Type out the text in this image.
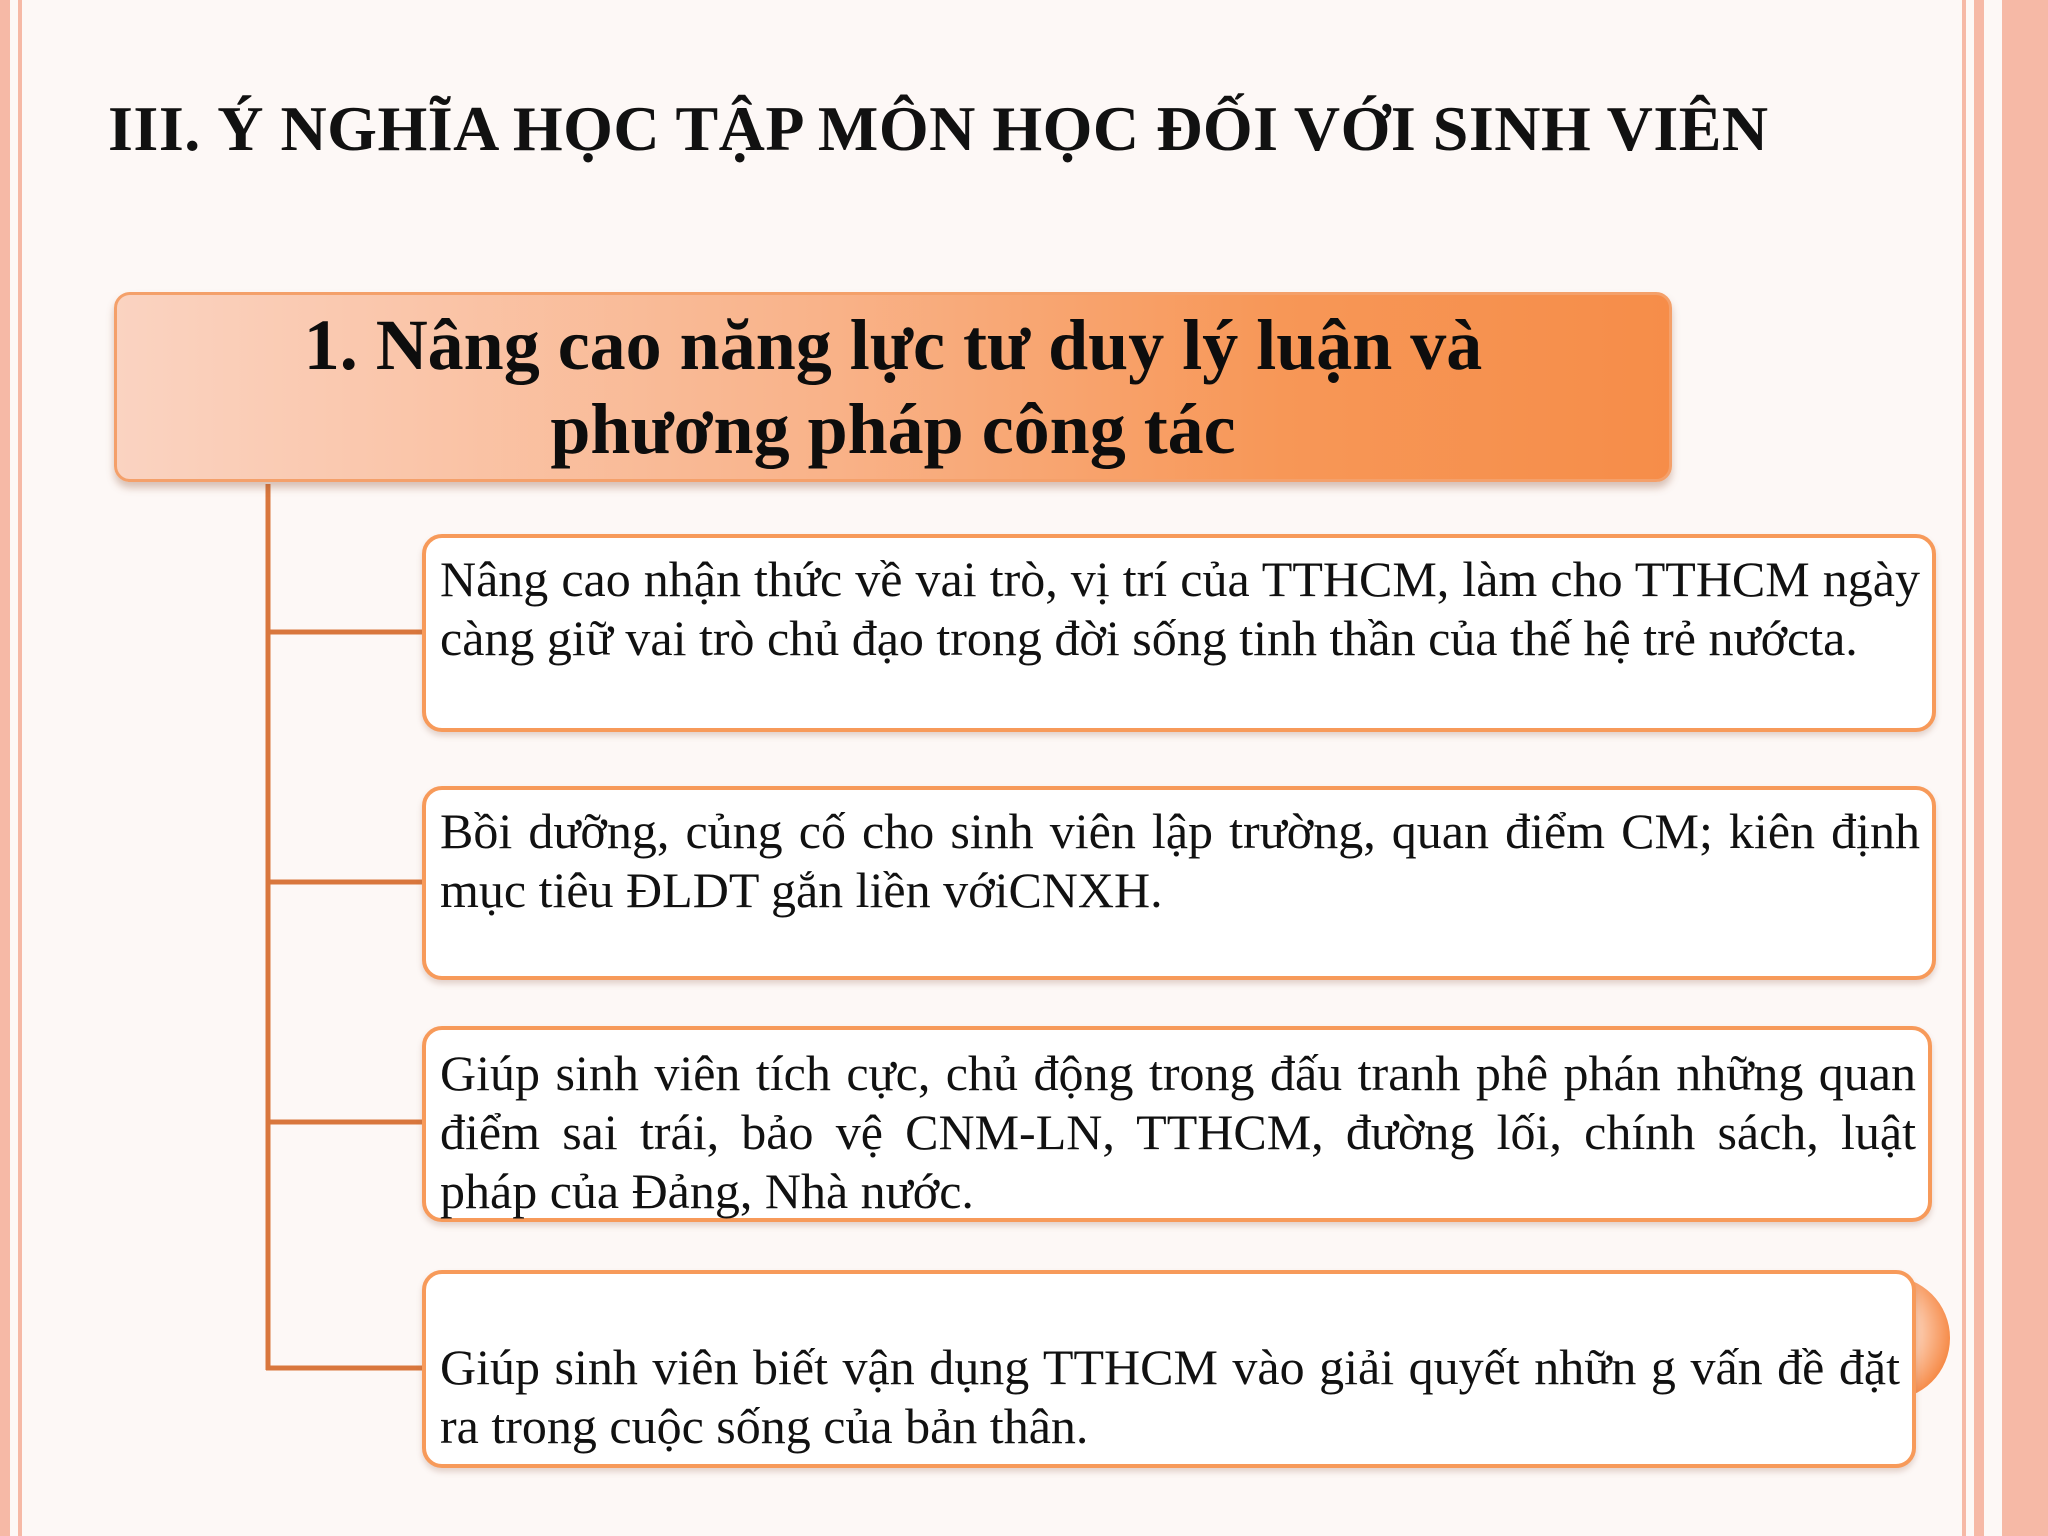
III. Ý NGHĨA HỌC TẬP MÔN HỌC ĐỐI VỚI SINH VIÊN
1. Nâng cao năng lực tư duy lý luận và phương pháp công tác

Nâng cao nhận thức về vai trò, vị trí của TTHCM, làm cho TTHCM ngày càng giữ vai trò chủ đạo trong đời sống tinh thần của thế hệ trẻ nướcta.

Bồi dưỡng, củng cố cho sinh viên lập trường, quan điểm CM; kiên định mục tiêu ĐLDT gắn liền vớiCNXH.

Giúp sinh viên tích cực, chủ động trong đấu tranh phê phán những quan điểm sai trái, bảo vệ CNM-LN, TTHCM, đường lối, chính sách, luật pháp của Đảng, Nhà nước.

Giúp sinh viên biết vận dụng TTHCM vào giải quyết nhữn g vấn đề đặt ra trong cuộc sống của bản thân.
